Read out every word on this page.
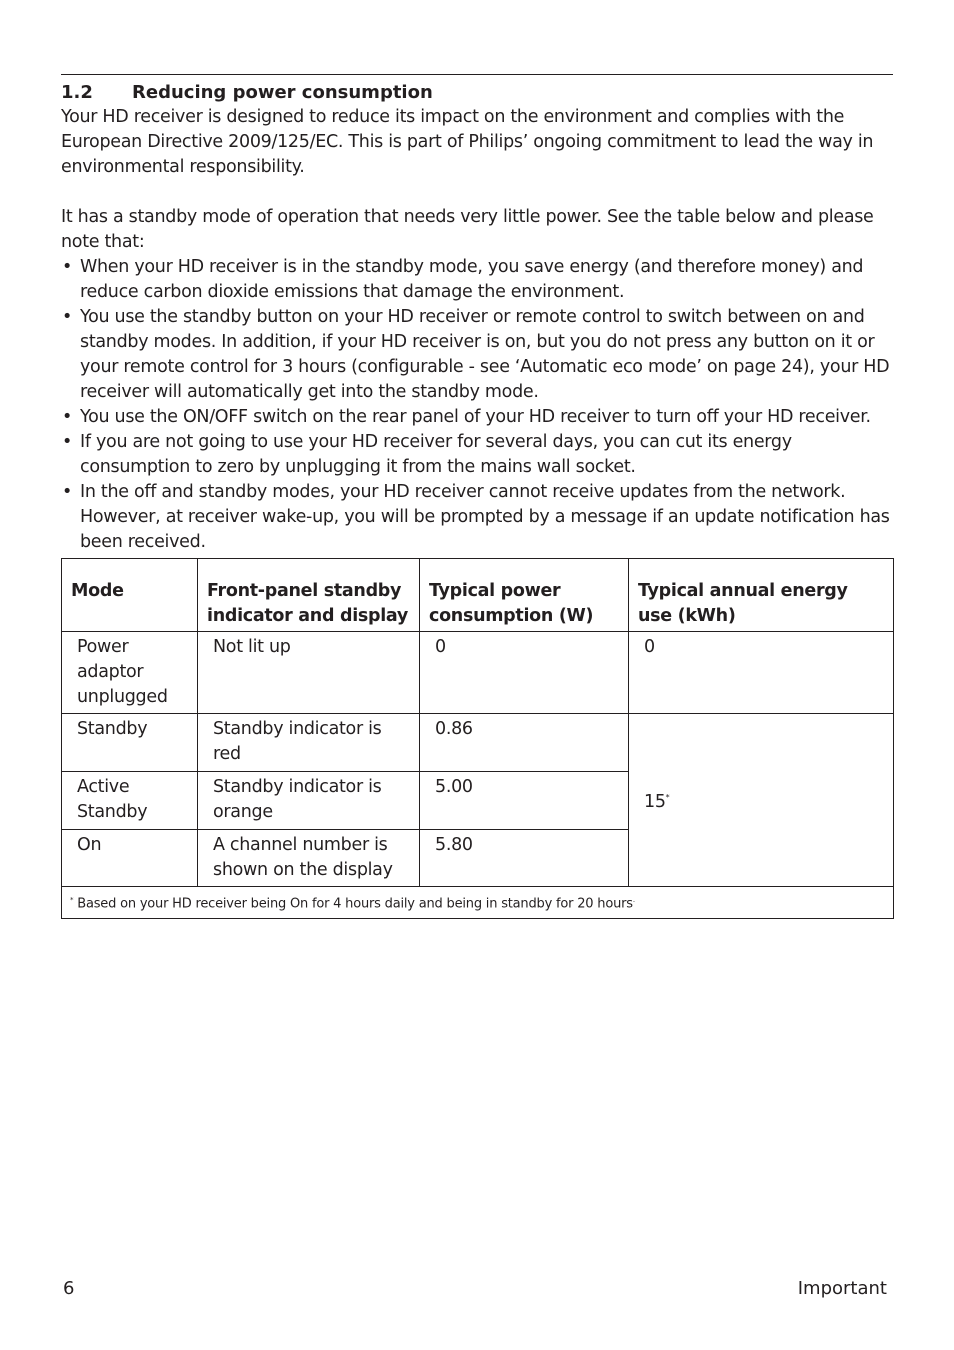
1.2 Reducing power consumption

Your HD receiver is designed to reduce its impact on the environment and complies with the European Directive 2009/125/EC. This is part of Philips’ ongoing commitment to lead the way in environmental responsibility.

It has a standby mode of operation that needs very little power. See the table below and please note that:

• When your HD receiver is in the standby mode, you save energy (and therefore money) and reduce carbon dioxide emissions that damage the environment.
• You use the standby button on your HD receiver or remote control to switch between on and standby modes. In addition, if your HD receiver is on, but you do not press any button on it or your remote control for 3 hours (configurable - see ‘Automatic eco mode’ on page 24), your HD receiver will automatically get into the standby mode.
• You use the ON/OFF switch on the rear panel of your HD receiver to turn off your HD receiver.
• If you are not going to use your HD receiver for several days, you can cut its energy consumption to zero by unplugging it from the mains wall socket.
• In the off and standby modes, your HD receiver cannot receive updates from the network. However, at receiver wake-up, you will be prompted by a message if an update notification has been received.
Mode	Front-panel standby indicator and display	Typical power consumption (W)	Typical annual energy use (kWh)
Power adaptor unplugged	Not lit up	0	0
Standby	Standby indicator is red	0.86	15*
Active Standby	Standby indicator is orange	5.00	
On	A channel number is shown on the display	5.80	
* Based on your HD receiver being On for 4 hours daily and being in standby for 20 hours.
6	Important
